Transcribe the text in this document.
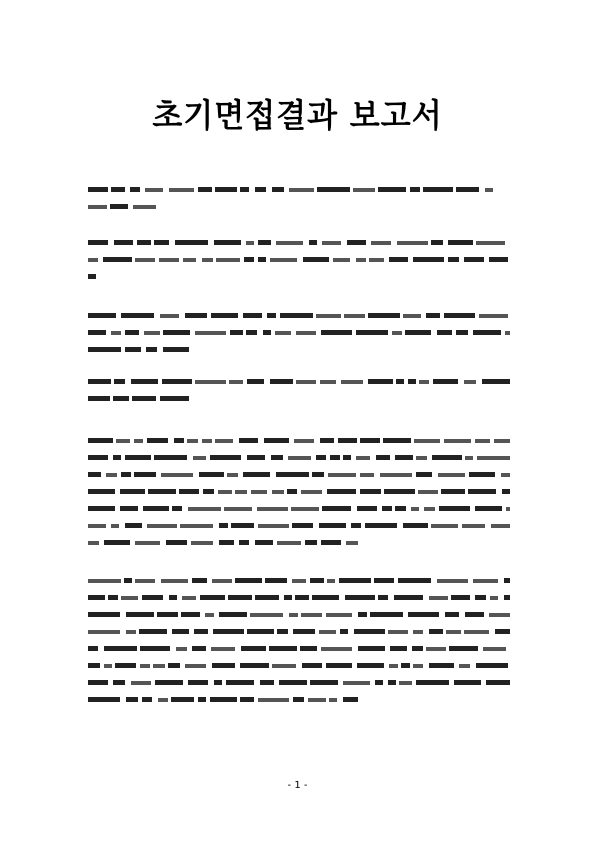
초기면접결과 보고서
- 1 -
